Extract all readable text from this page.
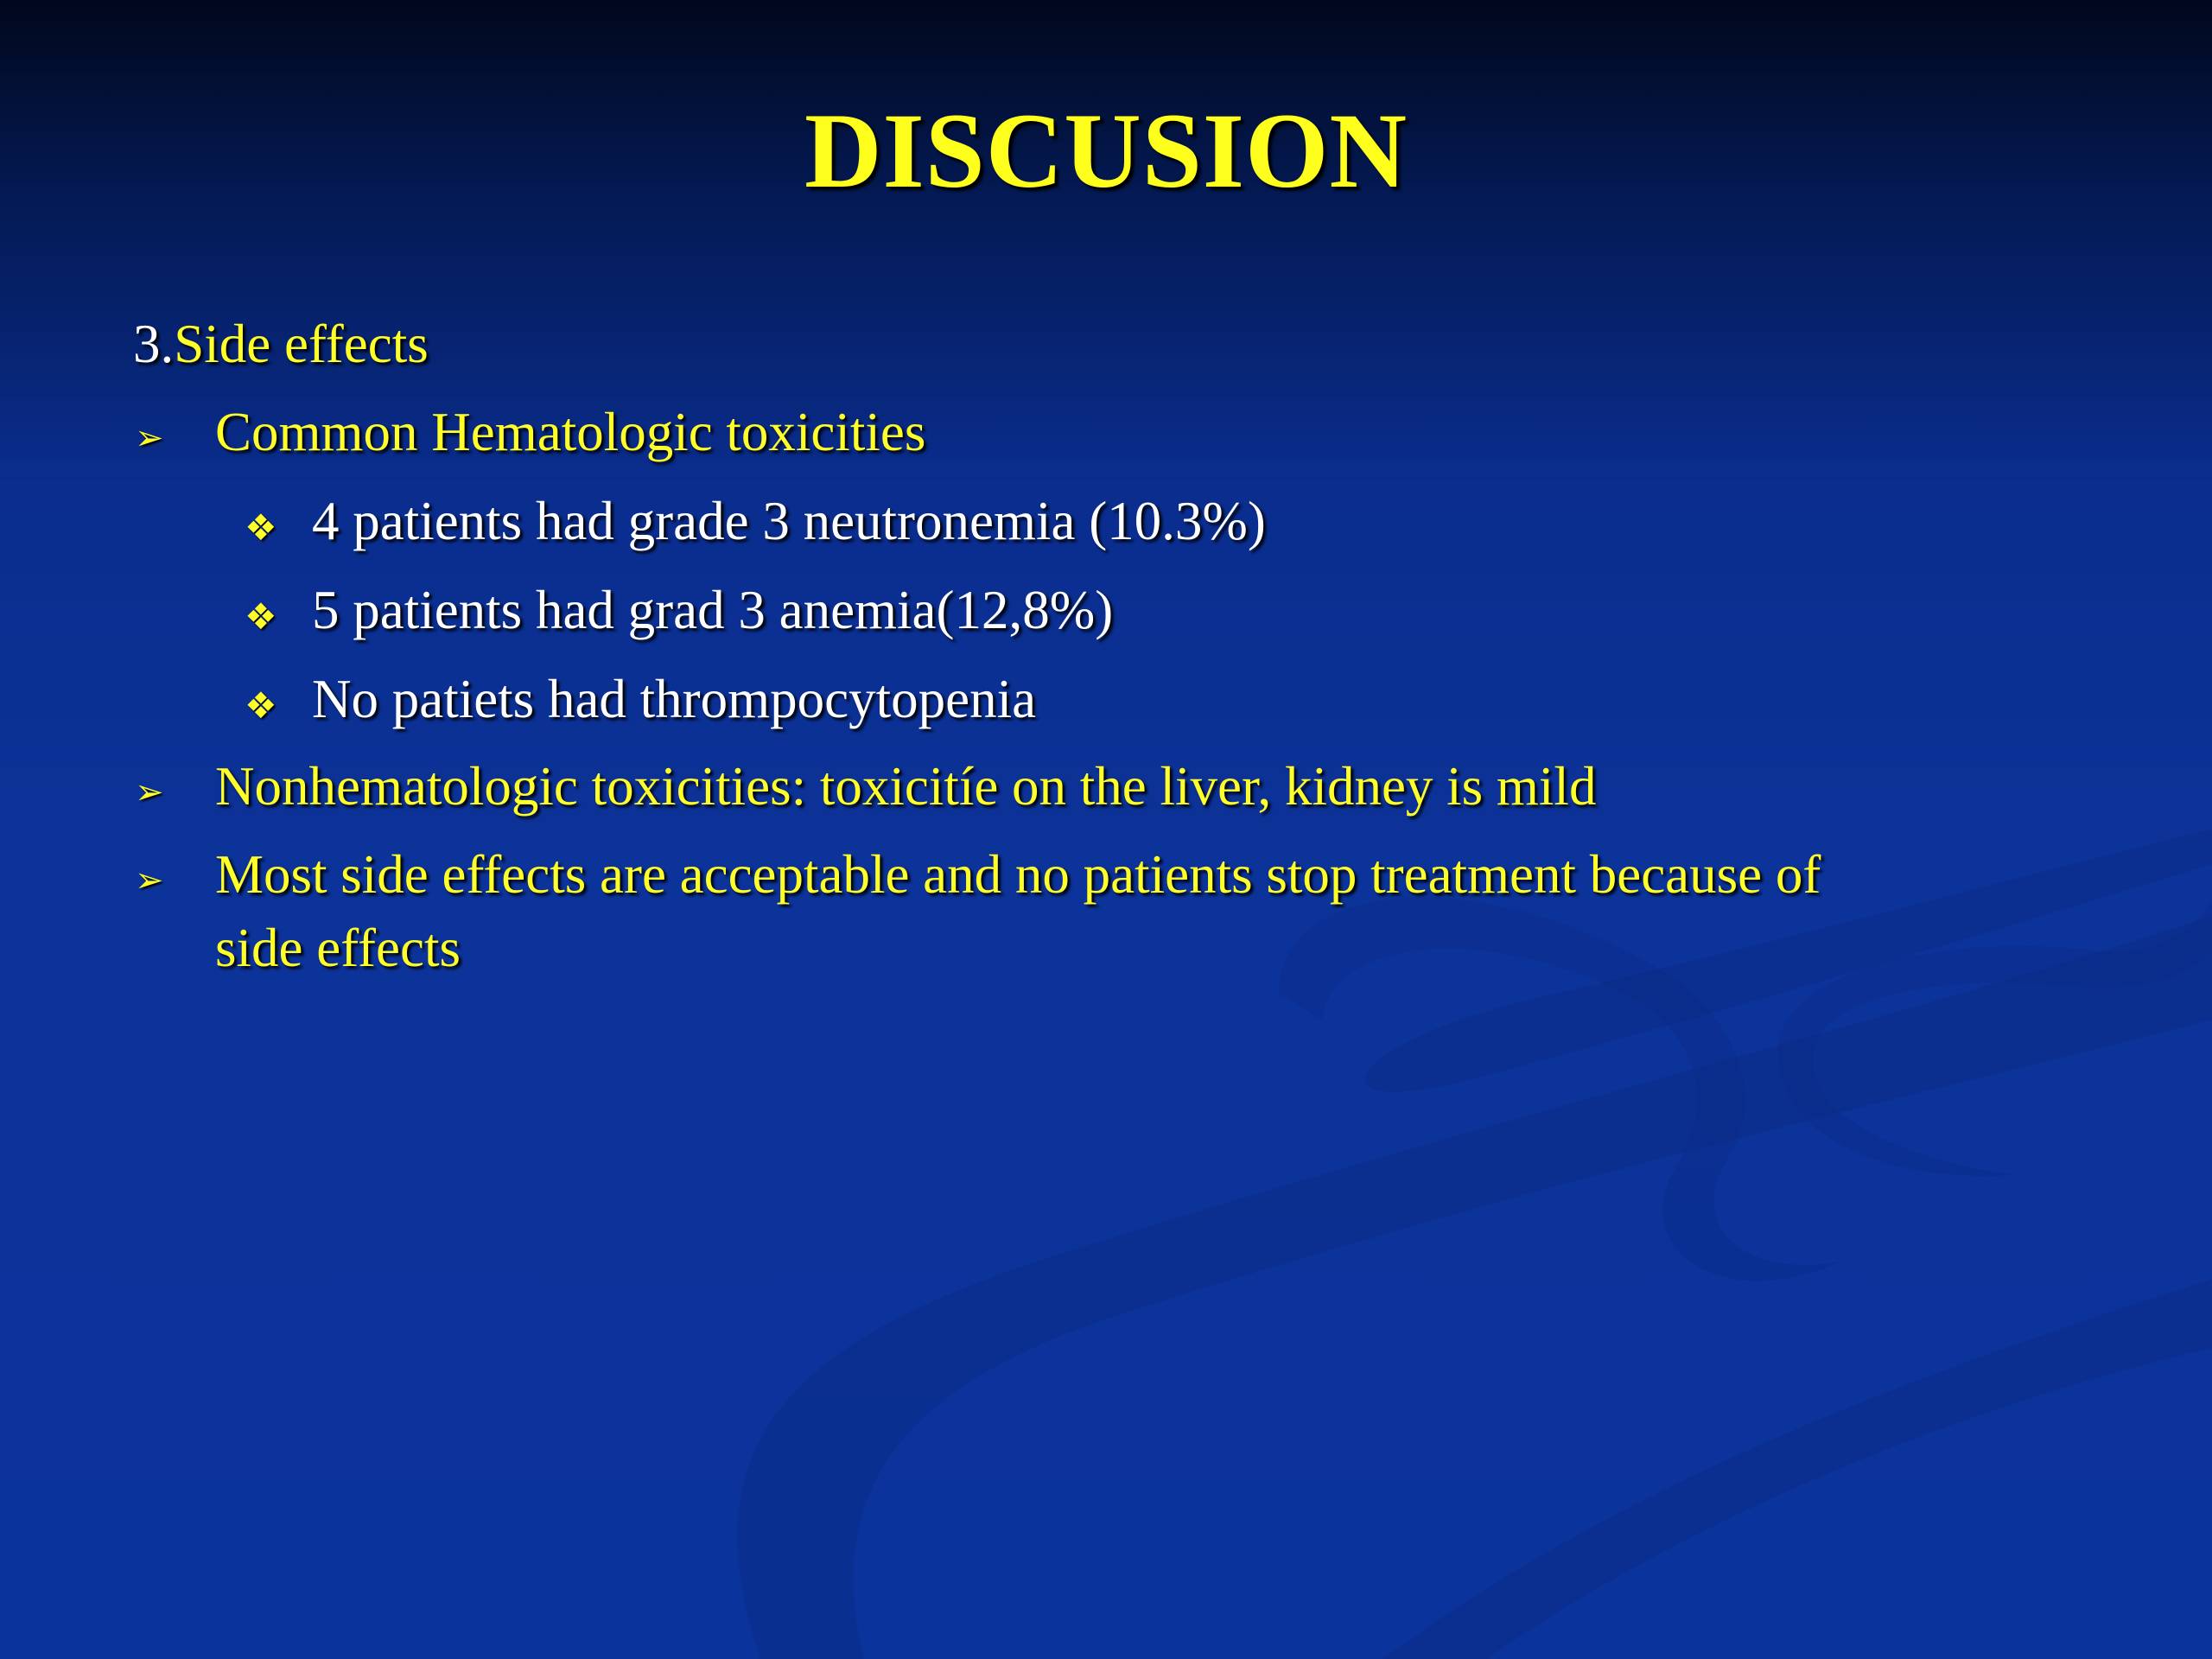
DISCUSION
3.Side effects
➢ Common Hematologic toxicities
❖ 4 patients had grade 3 neutronemia (10.3%)
❖ 5 patients had grad 3 anemia(12,8%)
❖ No patiets had thrompocytopenia
➢ Nonhematologic toxicities: toxicitíe on the liver, kidney is mild
➢ Most side effects are acceptable and no patients stop treatment because of
side effects
